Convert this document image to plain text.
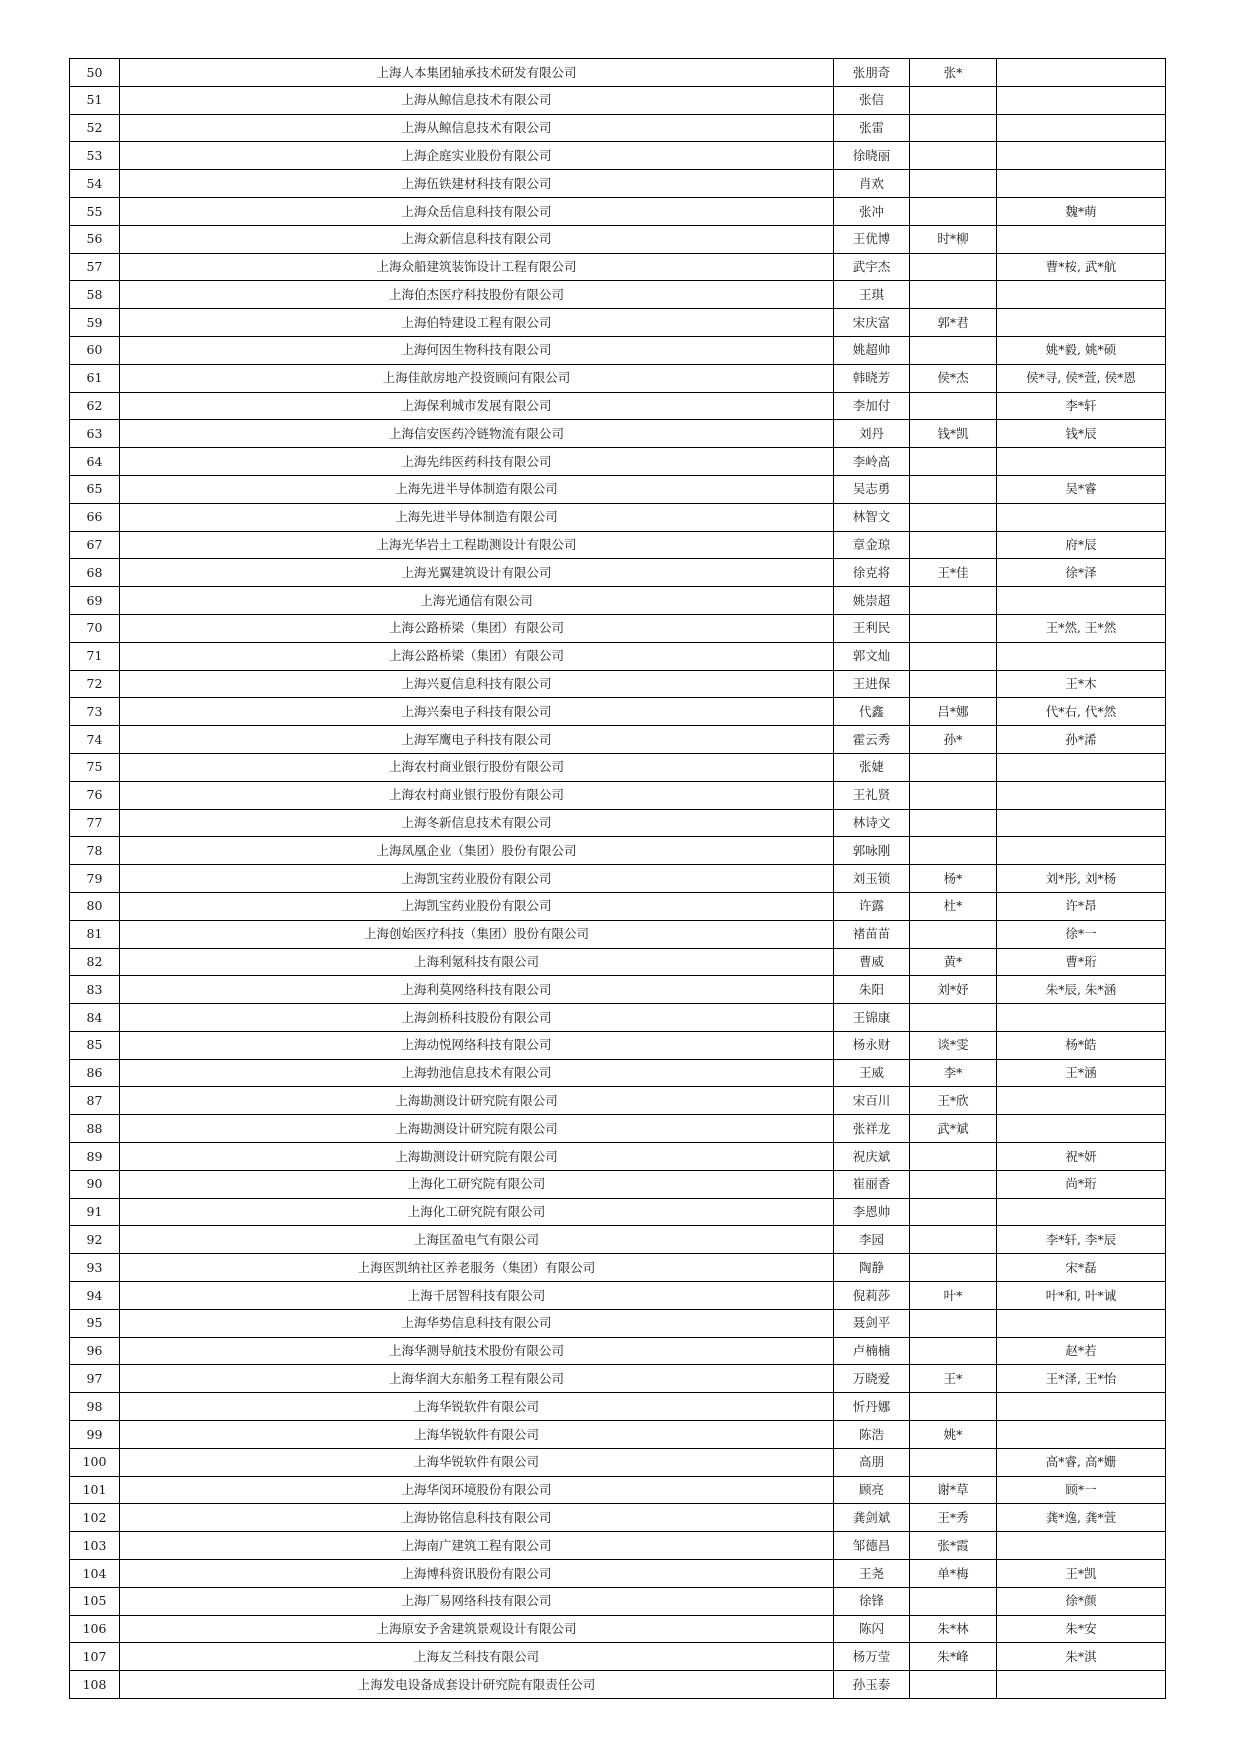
50	上海人本集团轴承技术研发有限公司	张朋奇	张*	
51	上海从鲸信息技术有限公司	张信		
52	上海从鲸信息技术有限公司	张雷		
53	上海企庭实业股份有限公司	徐晓丽		
54	上海伍铁建材科技有限公司	肖欢		
55	上海众岳信息科技有限公司	张冲		魏*萌
56	上海众新信息科技有限公司	王优博	时*柳	
57	上海众船建筑装饰设计工程有限公司	武宇杰		曹*桉, 武*航
58	上海伯杰医疗科技股份有限公司	王琪		
59	上海伯特建设工程有限公司	宋庆富	郭*君	
60	上海何因生物科技有限公司	姚超帅		姚*毅, 姚*硕
61	上海佳歆房地产投资顾问有限公司	韩晓芳	侯*杰	侯*寻, 侯*萱, 侯*恩
62	上海保利城市发展有限公司	李加付		李*轩
63	上海信安医药冷链物流有限公司	刘丹	钱*凯	钱*辰
64	上海先纬医药科技有限公司	李岭高		
65	上海先进半导体制造有限公司	吴志勇		吴*睿
66	上海先进半导体制造有限公司	林智文		
67	上海光华岩土工程勘测设计有限公司	章金琼		府*辰
68	上海光翼建筑设计有限公司	徐克将	王*佳	徐*泽
69	上海光通信有限公司	姚崇超		
70	上海公路桥梁（集团）有限公司	王利民		王*然, 王*然
71	上海公路桥梁（集团）有限公司	郭文灿		
72	上海兴夏信息科技有限公司	王进保		王*木
73	上海兴秦电子科技有限公司	代鑫	吕*娜	代*右, 代*然
74	上海军鹰电子科技有限公司	霍云秀	孙*	孙*浠
75	上海农村商业银行股份有限公司	张婕		
76	上海农村商业银行股份有限公司	王礼贤		
77	上海冬新信息技术有限公司	林诗文		
78	上海凤凰企业（集团）股份有限公司	郭咏刚		
79	上海凯宝药业股份有限公司	刘玉锁	杨*	刘*彤, 刘*杨
80	上海凯宝药业股份有限公司	许露	杜*	许*昂
81	上海创始医疗科技（集团）股份有限公司	褚苗苗		徐*一
82	上海利氪科技有限公司	曹威	黄*	曹*珩
83	上海利莫网络科技有限公司	朱阳	刘*妤	朱*辰, 朱*涵
84	上海剑桥科技股份有限公司	王锦康		
85	上海动悦网络科技有限公司	杨永财	谈*雯	杨*皓
86	上海勃池信息技术有限公司	王威	李*	王*涵
87	上海勘测设计研究院有限公司	宋百川	王*欣	
88	上海勘测设计研究院有限公司	张祥龙	武*斌	
89	上海勘测设计研究院有限公司	祝庆斌		祝*妍
90	上海化工研究院有限公司	崔丽香		尚*珩
91	上海化工研究院有限公司	李恩帅		
92	上海匡盈电气有限公司	李园		李*轩, 李*辰
93	上海医凯纳社区养老服务（集团）有限公司	陶静		宋*磊
94	上海千居智科技有限公司	倪莉莎	叶*	叶*和, 叶*诚
95	上海华势信息科技有限公司	聂剑平		
96	上海华测导航技术股份有限公司	卢楠楠		赵*若
97	上海华润大东船务工程有限公司	万晓爱	王*	王*泽, 王*怡
98	上海华锐软件有限公司	忻丹娜		
99	上海华锐软件有限公司	陈浩	姚*	
100	上海华锐软件有限公司	高朋		高*睿, 高*姗
101	上海华闵环境股份有限公司	顾亮	谢*草	顾*一
102	上海协铭信息科技有限公司	龚剑斌	王*秀	龚*逸, 龚*萱
103	上海南广建筑工程有限公司	邹德昌	张*霞	
104	上海博科资讯股份有限公司	王尧	单*梅	王*凯
105	上海厂易网络科技有限公司	徐锋		徐*颜
106	上海原安予舍建筑景观设计有限公司	陈闪	朱*林	朱*安
107	上海友兰科技有限公司	杨万莹	朱*峰	朱*淇
108	上海发电设备成套设计研究院有限责任公司	孙玉泰		
